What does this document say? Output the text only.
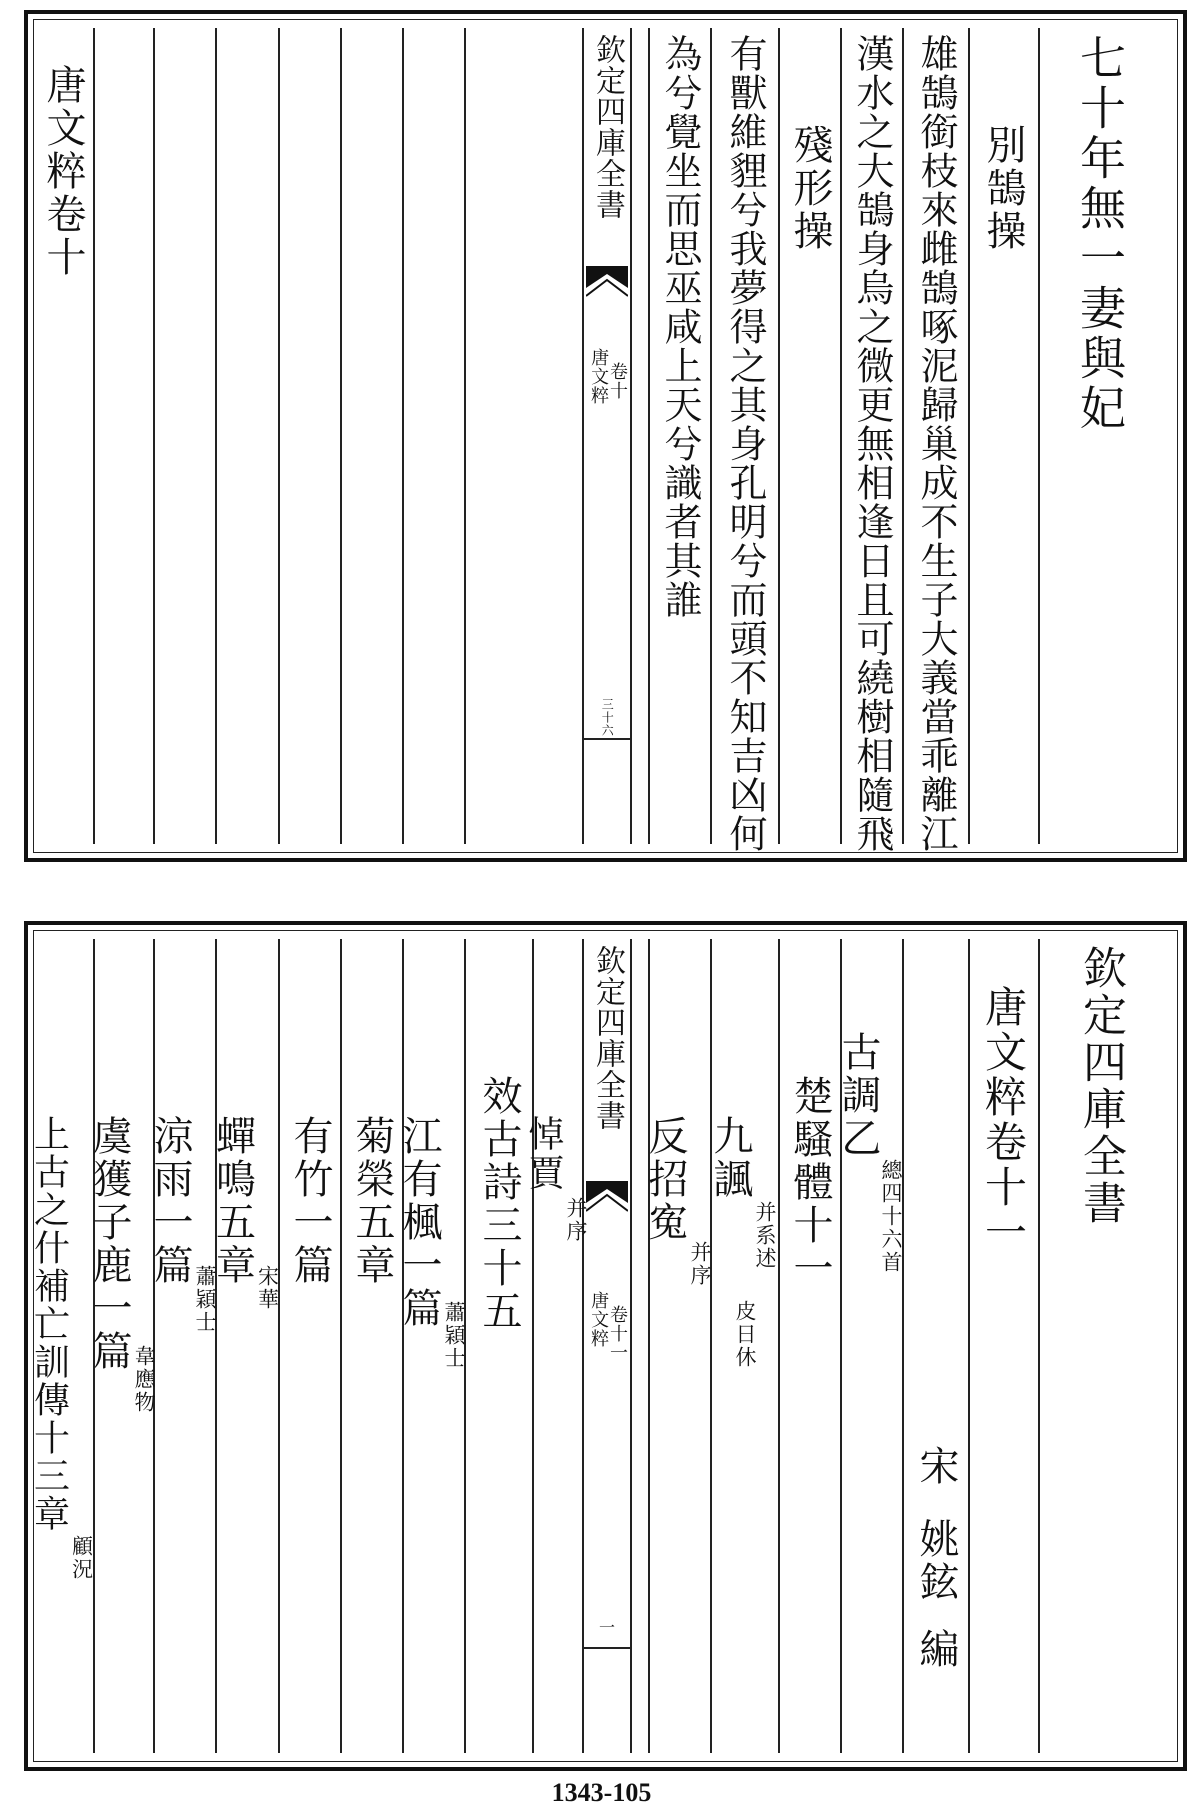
欽定四庫全書
唐文粹
卷十
三十六
七十年無一妻與妃
別鵠操
雄鵠銜枝來雌鵠啄泥歸巢成不生子大義當乖離江
漢水之大鵠身烏之微更無相逢日且可繞樹相隨飛
殘形操
有獸維貍兮我夢得之其身孔明兮而頭不知吉凶何
為兮覺坐而思巫咸上天兮識者其誰
唐文粹卷十
欽定四庫全書
唐文粹
卷十一
一
欽定四庫全書
唐文粹卷十一
宋
姚鉉
編
古調乙
總四十六首
楚騷體十一
九諷
并系述
皮日休
反招寃
并序
悼賈
并序
效古詩三十五
江有楓一篇
蕭穎士
菊榮五章
有竹一篇
蟬鳴五章
宋華
涼雨一篇
蕭穎士
虞獲子鹿一篇
韋應物
上古之什補亡訓傳十三章
顧況
1343-105
